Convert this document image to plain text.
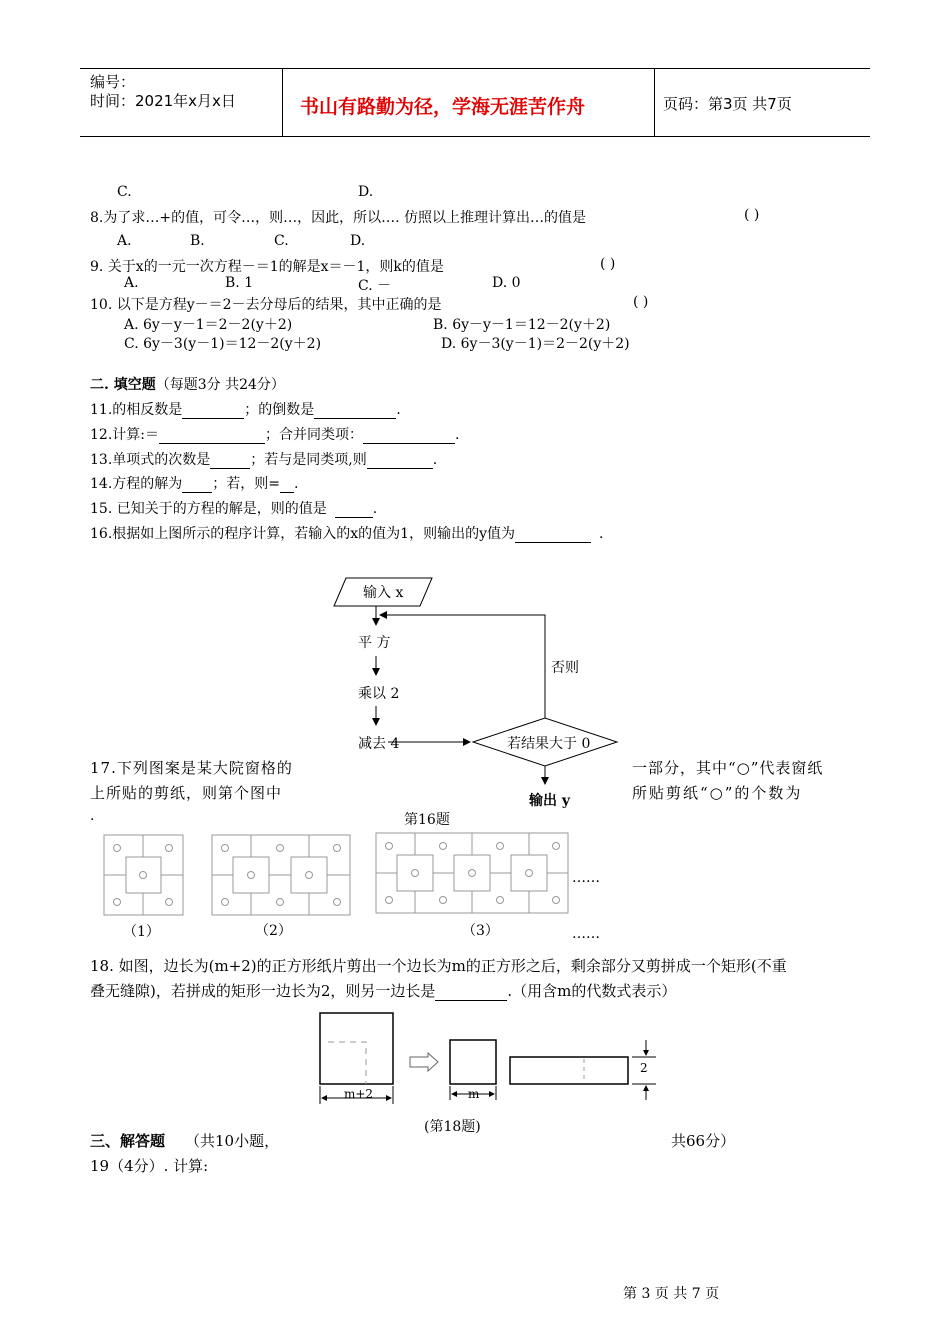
编号：
时间：2021年x月x日	书山有路勤为径，学海无涯苦作舟	页码：第3页 共7页
C.	D.
8.为了求…+的值，可令…，则…，因此，所以…. 仿照以上推理计算出…的值是	( )
A.	B.	C.	D.
9. 关于x的一元一次方程－＝1的解是x＝－1，则k的值是	( )
A.	B. 1	C. －	D. 0
10. 以下是方程y－＝2－去分母后的结果，其中正确的是	( )
A. 6y－y－1＝2－2(y＋2)	B. 6y－y－1＝12－2(y＋2)
C. 6y－3(y－1)＝12－2(y＋2)	D. 6y－3(y－1)＝2－2(y＋2)
二. 填空题（每题3分 共24分）
11.的相反数是	；的倒数是	.
12.计算:＝	；合并同类项：	.
13.单项式的次数是	；若与是同类项,则	.
14.方程的解为 ；若，则= .
15. 已知关于的方程的解是，则的值是	.
16.根据如上图所示的程序计算，若输入的x的值为1，则输出的y值为	.
输入 x
平 方
乘以 2
减去 4	若结果大于 0
否则
输出 y
17.下列图案是某大院窗格的	一部分，其中“○”代表窗纸
上所贴的剪纸，则第个图中	所贴剪纸“○”的个数为
.	第16题
……
（1）	（2）	（3）	……
18. 如图，边长为(m+2)的正方形纸片剪出一个边长为m的正方形之后，剩余部分又剪拼成一个矩形(不重
叠无缝隙)，若拼成的矩形一边长为2，则另一边长是	.（用含m的代数式表示）
m+2	m
2
(第18题)
三、解答题 （共10小题，	共66分）
19（4分）. 计算:
第 3 页 共 7 页
